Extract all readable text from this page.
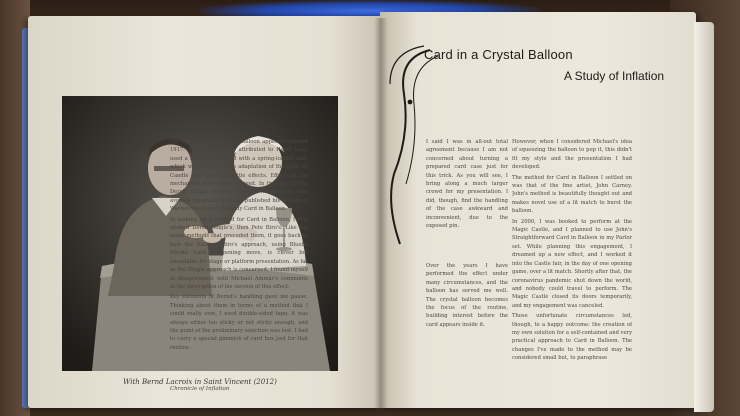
With Bernd Lacroix in Saint Vincent (2012)

The effect of the Card in Balloon appeared around 1917. The first method, attributed to Harry Leat, used a mechanical wand with a spring-loaded arm, which was an adjustable adaptation of the Card on Candle and Card on Bottle effects. Effects in the mechanical style soon followed. In the late 1970s, Derek Dingle revived interest in methods that avoided apparatus when he published his version of Warren Stephens's Remedy Card in Balloon.

In looking for a method for Card in Balloon, I first studied Derek Dingle's, then Pete Biro's. Like the many methods that preceded them, it goes back to how the balloon. Biro's approach, using Bluebe Smoke Card Happening move, is clever but unsuitable for stage or platform presentation. As far as the Dingle approach is concerned, I found myself in disagreement with Michael Ammar's comments in the description of his version of this effect.

Key elements of Bernd's handling gave me pause. Thinking about them in terms of a method that I could really own, I used double-sided tape; it was always either too sticky or not sticky enough, and the point of the preliminary selection was lost. I had to carry a special gimmick of card box just for that routine.

Chronicle of Inflation
Card in a Crystal Balloon
A Study of Inflation

I said I was in all-out total agreement because I am not concerned about turning a prepared card case just for this trick. As you will see, I bring along a much larger crowd for my presentation. I did, though, find the handling of the case awkward and inconvenient, due to the exposed pin.

Over the years I have performed the effect under many circumstances, and the balloon has served me well. The crystal balloon becomes the focus of the routine, building interest before the card appears inside it.

However, when I considered Michael's idea of squeezing the balloon to pop it, this didn't fit my style and the presentation I had developed.

The method for Card in Balloon I settled on was that of the fine artist, John Carney. John's method is beautifully thought out and makes novel use of a lit match to burst the balloon.

In 2000, I was booked to perform at the Magic Castle, and I planned to use John's Straightforward Card in Balloon in my Parlor set. While planning this engagement, I dreamed up a new effect, and I worked it into the Castle fair, in the day of one opening game, over a lit match. Shortly after that, the coronavirus pandemic shut down the world, and nobody could travel to perform. The Magic Castle closed its doors temporarily, and my engagement was canceled.

Those unfortunate circumstances led, though, to a happy outcome: the creation of my own solution for a self-contained and very practical approach to Card in Balloon. The changes I've made to the method may be considered small but, to paraphrase
